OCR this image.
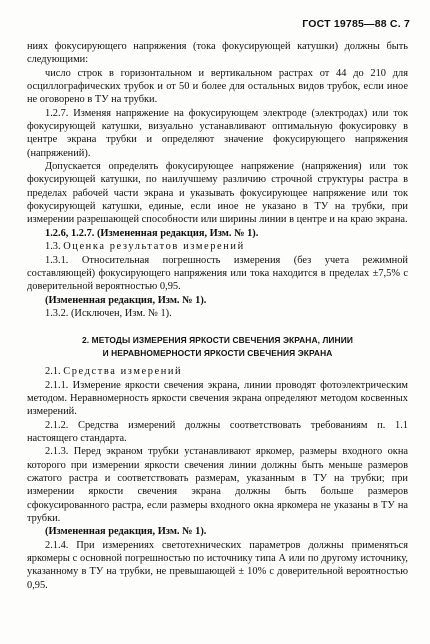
ГОСТ 19785—88 С. 7

ниях фокусирующего напряжения (тока фокусирующей катушки) должны быть следующими:

число строк в горизонтальном и вертикальном растрах от 44 до 210 для осциллографических трубок и от 50 и более для остальных видов трубок, если иное не оговорено в ТУ на трубки.

1.2.7. Изменяя напряжение на фокусирующем электроде (электродах) или ток фокусирующей катушки, визуально устанавливают оптимальную фокусировку в центре экрана трубки и определяют значение фокусирующего напряжения (напряжений).

Допускается определять фокусирующее напряжение (напряжения) или ток фокусирующей катушки, по наилучшему различию строчной структуры растра в пределах рабочей части экрана и указывать фокусирующее напряжение или ток фокусирующей катушки, единые, если иное не указано в ТУ на трубки, при измерении разрешающей способности или ширины линии в центре и на краю экрана.

1.2.6, 1.2.7. (Измененная редакция, Изм. № 1).

1.3. Оценка результатов измерений

1.3.1. Относительная погрешность измерения (без учета режимной составляющей) фокусирующего напряжения или тока находится в пределах ±7,5% с доверительной вероятностью 0,95.

(Измененная редакция, Изм. № 1).

1.3.2. (Исключен, Изм. № 1).

2. МЕТОДЫ ИЗМЕРЕНИЯ ЯРКОСТИ СВЕЧЕНИЯ ЭКРАНА, ЛИНИИ
И НЕРАВНОМЕРНОСТИ ЯРКОСТИ СВЕЧЕНИЯ ЭКРАНА

2.1. Средства измерений

2.1.1. Измерение яркости свечения экрана, линии проводят фотоэлектрическим методом. Неравномерность яркости свечения экрана определяют методом косвенных измерений.

2.1.2. Средства измерений должны соответствовать требованиям п. 1.1 настоящего стандарта.

2.1.3. Перед экраном трубки устанавливают яркомер, размеры входного окна которого при измерении яркости свечения линии должны быть меньше размеров сжатого растра и соответствовать размерам, указанным в ТУ на трубки; при измерении яркости свечения экрана должны быть больше размеров сфокусированного растра, если размеры входного окна яркомера не указаны в ТУ на трубки.

(Измененная редакция, Изм. № 1).

2.1.4. При измерениях светотехнических параметров должны применяться яркомеры с основной погрешностью по источнику типа А или по другому источнику, указанному в ТУ на трубки, не превышающей ± 10% с доверительной вероятностью 0,95.
